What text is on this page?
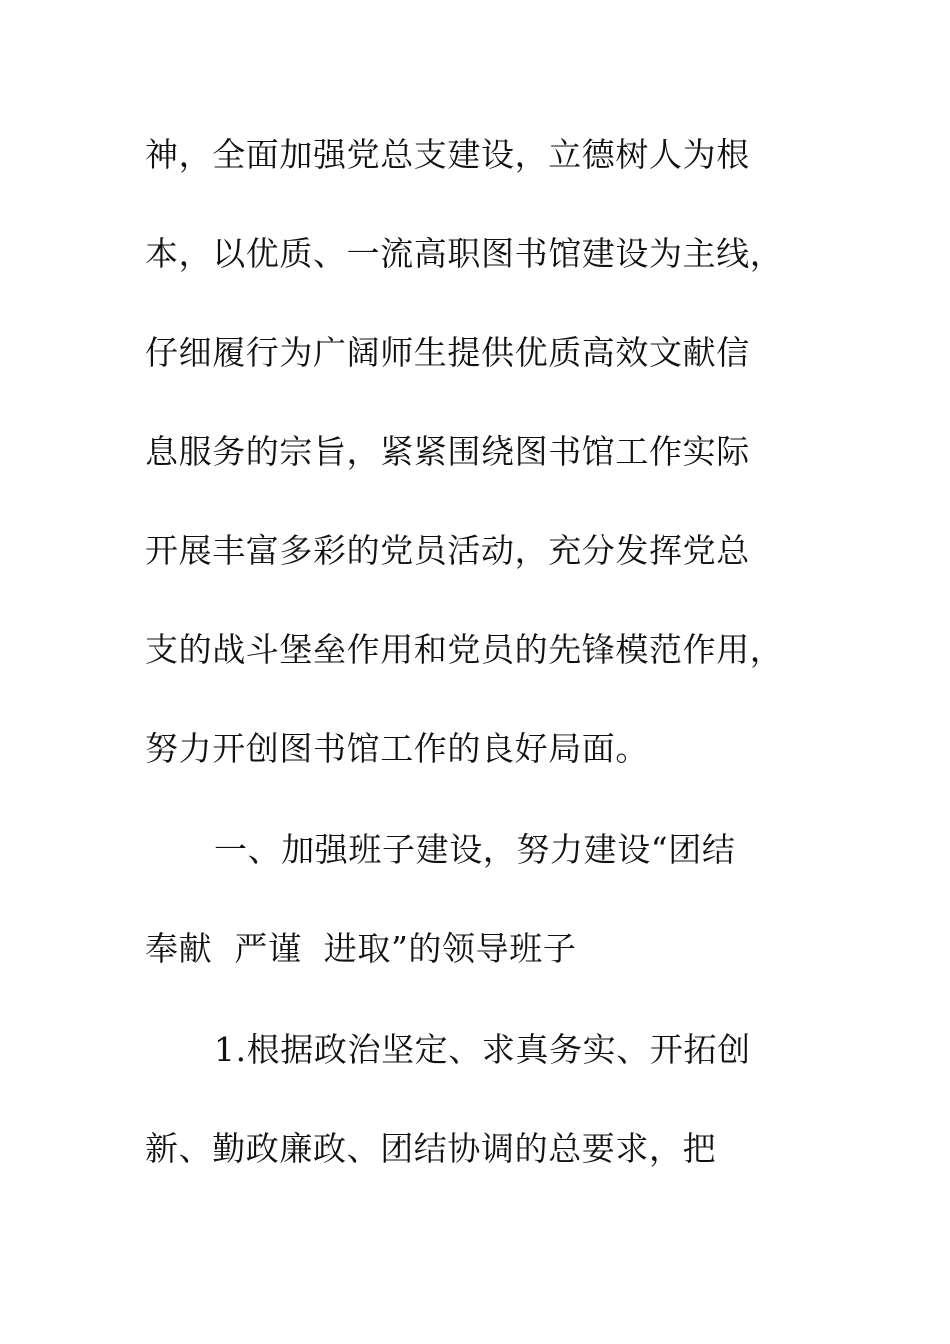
神，全面加强党总支建设，立德树人为根
本，以优质、一流高职图书馆建设为主线，
仔细履行为广阔师生提供优质高效文献信
息服务的宗旨，紧紧围绕图书馆工作实际
开展丰富多彩的党员活动，充分发挥党总
支的战斗堡垒作用和党员的先锋模范作用，
努力开创图书馆工作的良好局面。
一、加强班子建设，努力建设“团结
奉献  严谨  进取”的领导班子
1.根据政治坚定、求真务实、开拓创
新、勤政廉政、团结协调的总要求，把
